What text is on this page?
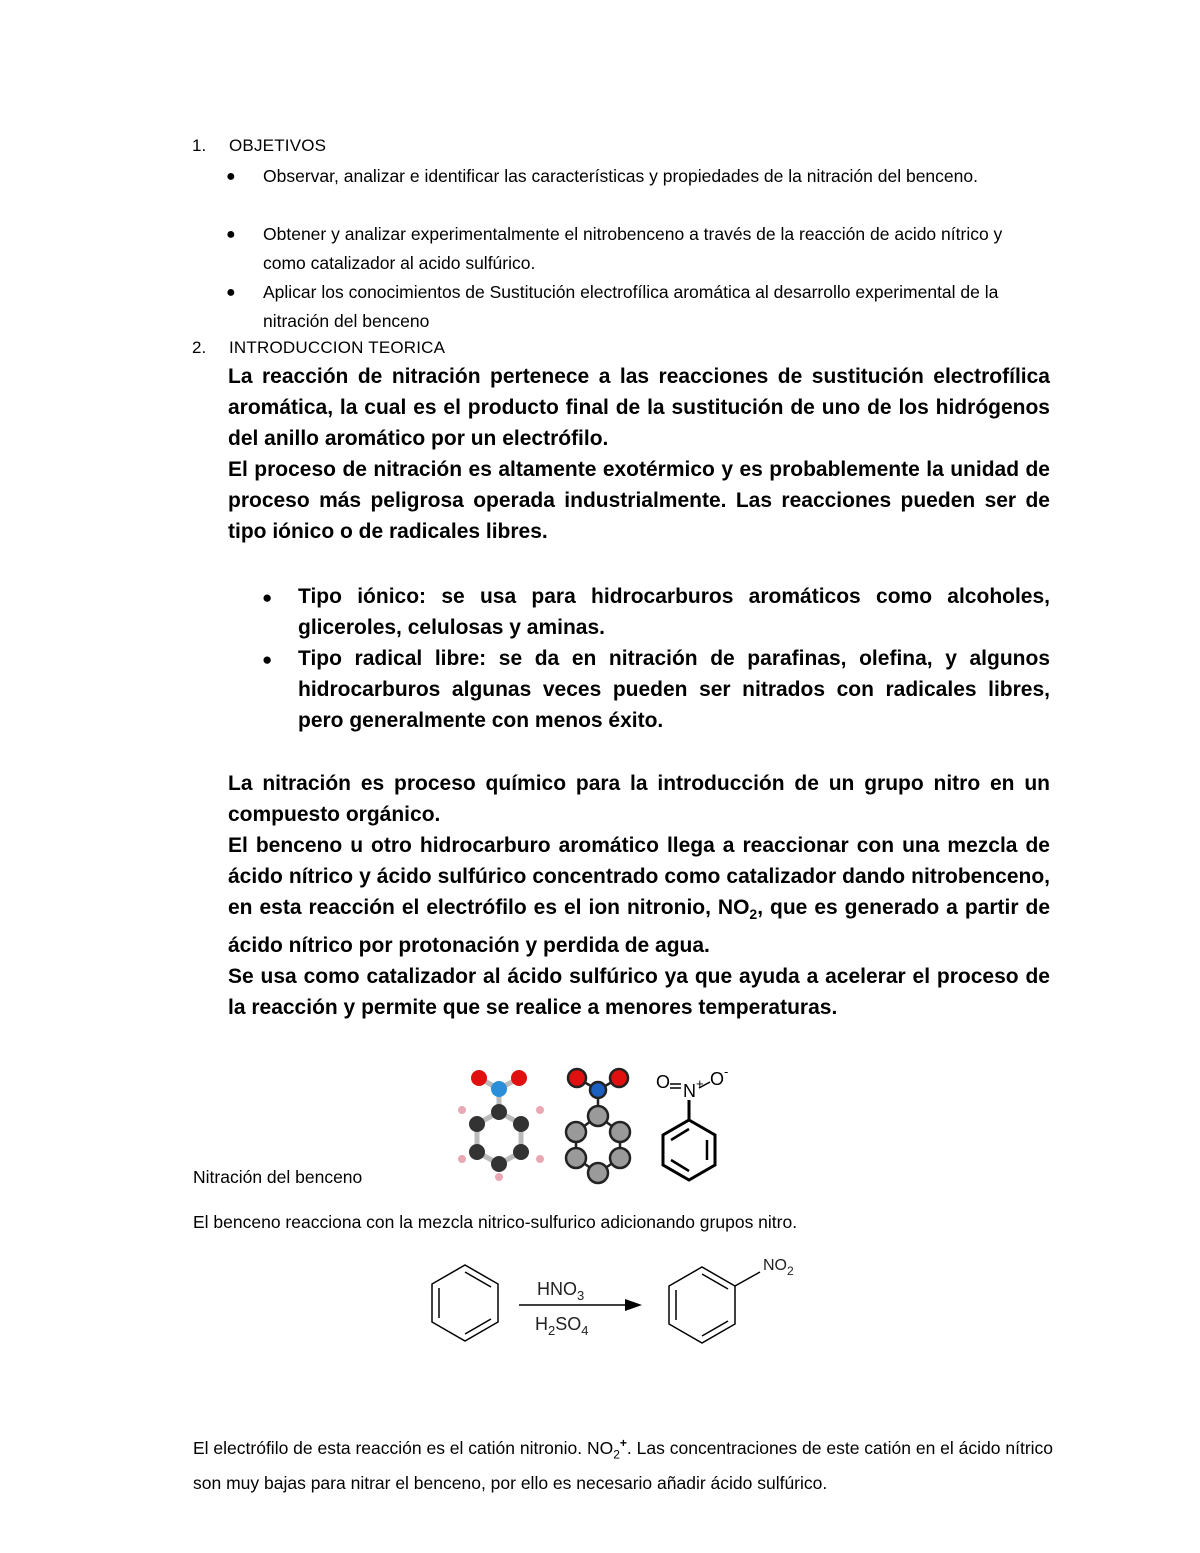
1. OBJETIVOS
● Observar, analizar e identificar las características y propiedades de la nitración del benceno.
● Obtener y analizar experimentalmente el nitrobenceno a través de la reacción de acido nítrico y como catalizador al acido sulfúrico.
● Aplicar los conocimientos de Sustitución electrofílica aromática al desarrollo experimental de la nitración del benceno
2. INTRODUCCION TEORICA

La reacción de nitración pertenece a las reacciones de sustitución electrofílica aromática, la cual es el producto final de la sustitución de uno de los hidrógenos del anillo aromático por un electrófilo.

El proceso de nitración es altamente exotérmico y es probablemente la unidad de proceso más peligrosa operada industrialmente. Las reacciones pueden ser de tipo iónico o de radicales libres.

● Tipo iónico: se usa para hidrocarburos aromáticos como alcoholes, gliceroles, celulosas y aminas.
● Tipo radical libre: se da en nitración de parafinas, olefina, y algunos hidrocarburos algunas veces pueden ser nitrados con radicales libres, pero generalmente con menos éxito.

La nitración es proceso químico para la introducción de un grupo nitro en un compuesto orgánico.

El benceno u otro hidrocarburo aromático llega a reaccionar con una mezcla de ácido nítrico y ácido sulfúrico concentrado como catalizador dando nitrobenceno, en esta reacción el electrófilo es el ion nitronio, $NO_2$, que es generado a partir de ácido nítrico por protonación y perdida de agua.

Se usa como catalizador al ácido sulfúrico ya que ayuda a acelerar el proceso de la reacción y permite que se realice a menores temperaturas.

O N + O -
Nitración del benceno
El benceno reacciona con la mezcla nitrico-sulfurico adicionando grupos nitro.
$HNO_3$
$H_2SO_4$
$NO_2$
El electrófilo de esta reacción es el catión nitronio. $NO_2^+$. Las concentraciones de este catión en el ácido nítrico son muy bajas para nitrar el benceno, por ello es necesario añadir ácido sulfúrico.
